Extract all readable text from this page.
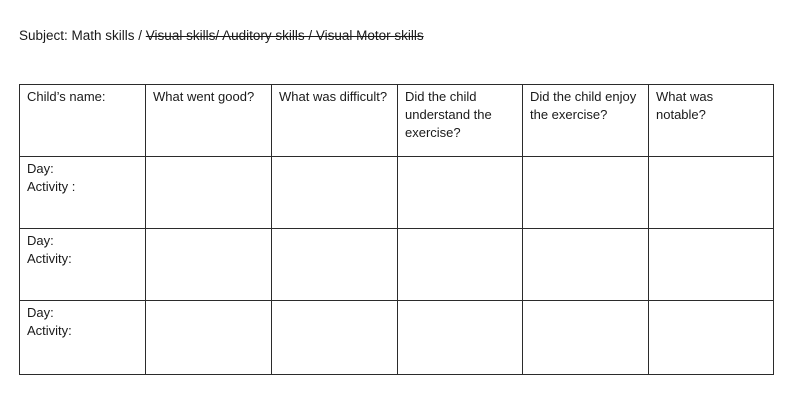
Subject: Math skills / Visual skills/ Auditory skills / Visual Motor skills
Child’s name:	What went good?	What was difficult?	Did the child understand the exercise?	Did the child enjoy the exercise?	What was notable?

Day:
Activity :					

Day:
Activity:					

Day:
Activity:					
